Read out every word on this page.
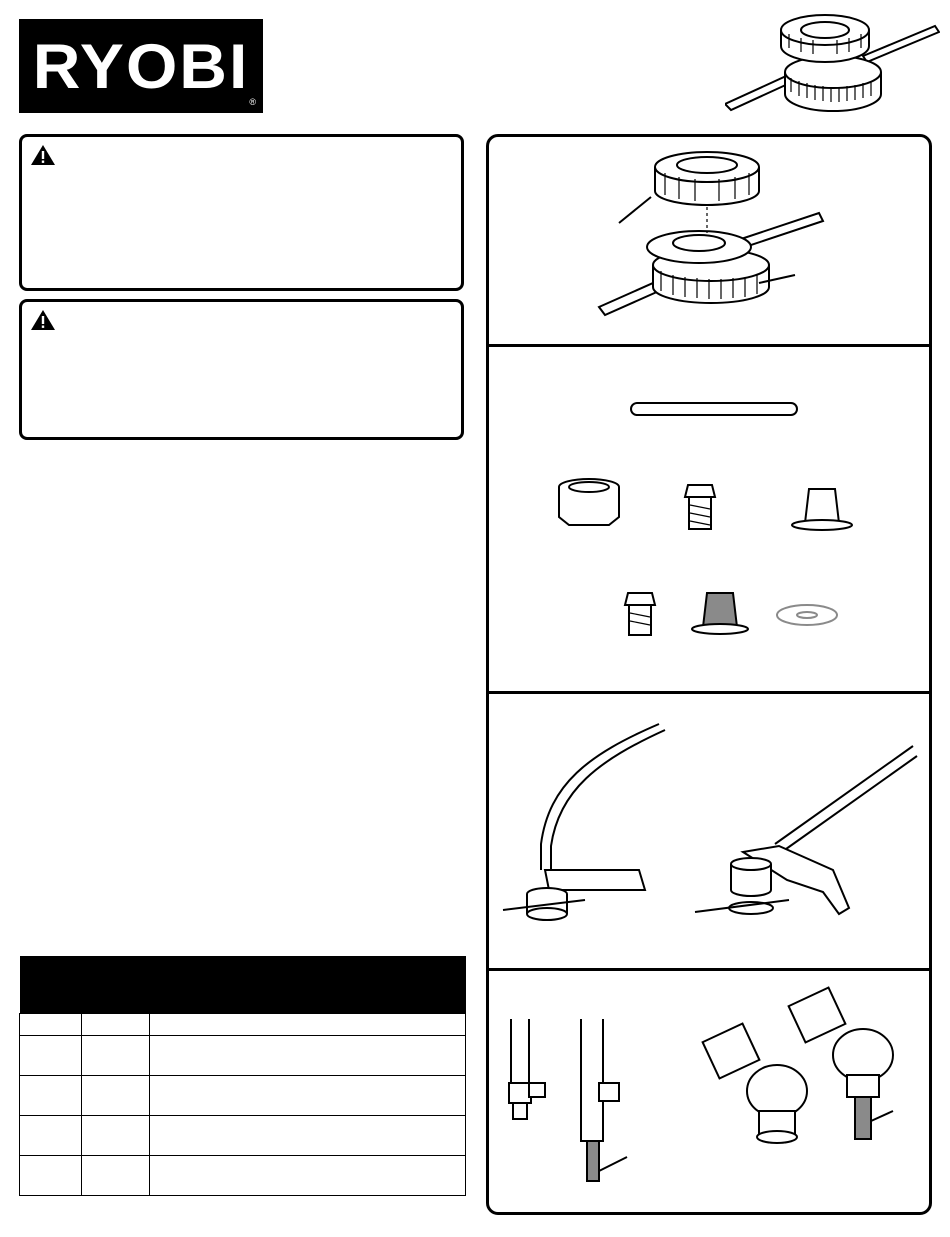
RYOBI
®
